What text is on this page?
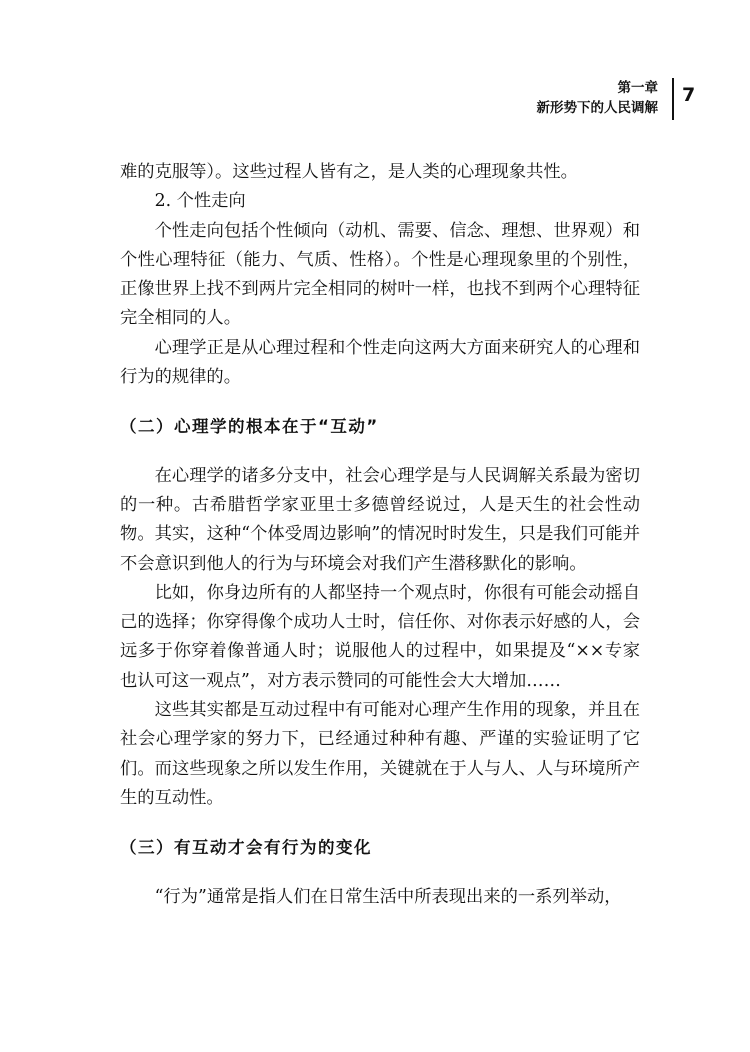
第一章
新形势下的人民调解
7

难的克服等）。这些过程人皆有之，是人类的心理现象共性。

2. 个性走向

个性走向包括个性倾向（动机、需要、信念、理想、世界观）和个性心理特征（能力、气质、性格）。个性是心理现象里的个别性，正像世界上找不到两片完全相同的树叶一样，也找不到两个心理特征完全相同的人。

心理学正是从心理过程和个性走向这两大方面来研究人的心理和行为的规律的。

（二）心理学的根本在于“互动”

在心理学的诸多分支中，社会心理学是与人民调解关系最为密切的一种。古希腊哲学家亚里士多德曾经说过，人是天生的社会性动物。其实，这种“个体受周边影响”的情况时时发生，只是我们可能并不会意识到他人的行为与环境会对我们产生潜移默化的影响。

比如，你身边所有的人都坚持一个观点时，你很有可能会动摇自己的选择；你穿得像个成功人士时，信任你、对你表示好感的人，会远多于你穿着像普通人时；说服他人的过程中，如果提及“××专家也认可这一观点”，对方表示赞同的可能性会大大增加……

这些其实都是互动过程中有可能对心理产生作用的现象，并且在社会心理学家的努力下，已经通过种种有趣、严谨的实验证明了它们。而这些现象之所以发生作用，关键就在于人与人、人与环境所产生的互动性。

（三）有互动才会有行为的变化

“行为”通常是指人们在日常生活中所表现出来的一系列举动，
